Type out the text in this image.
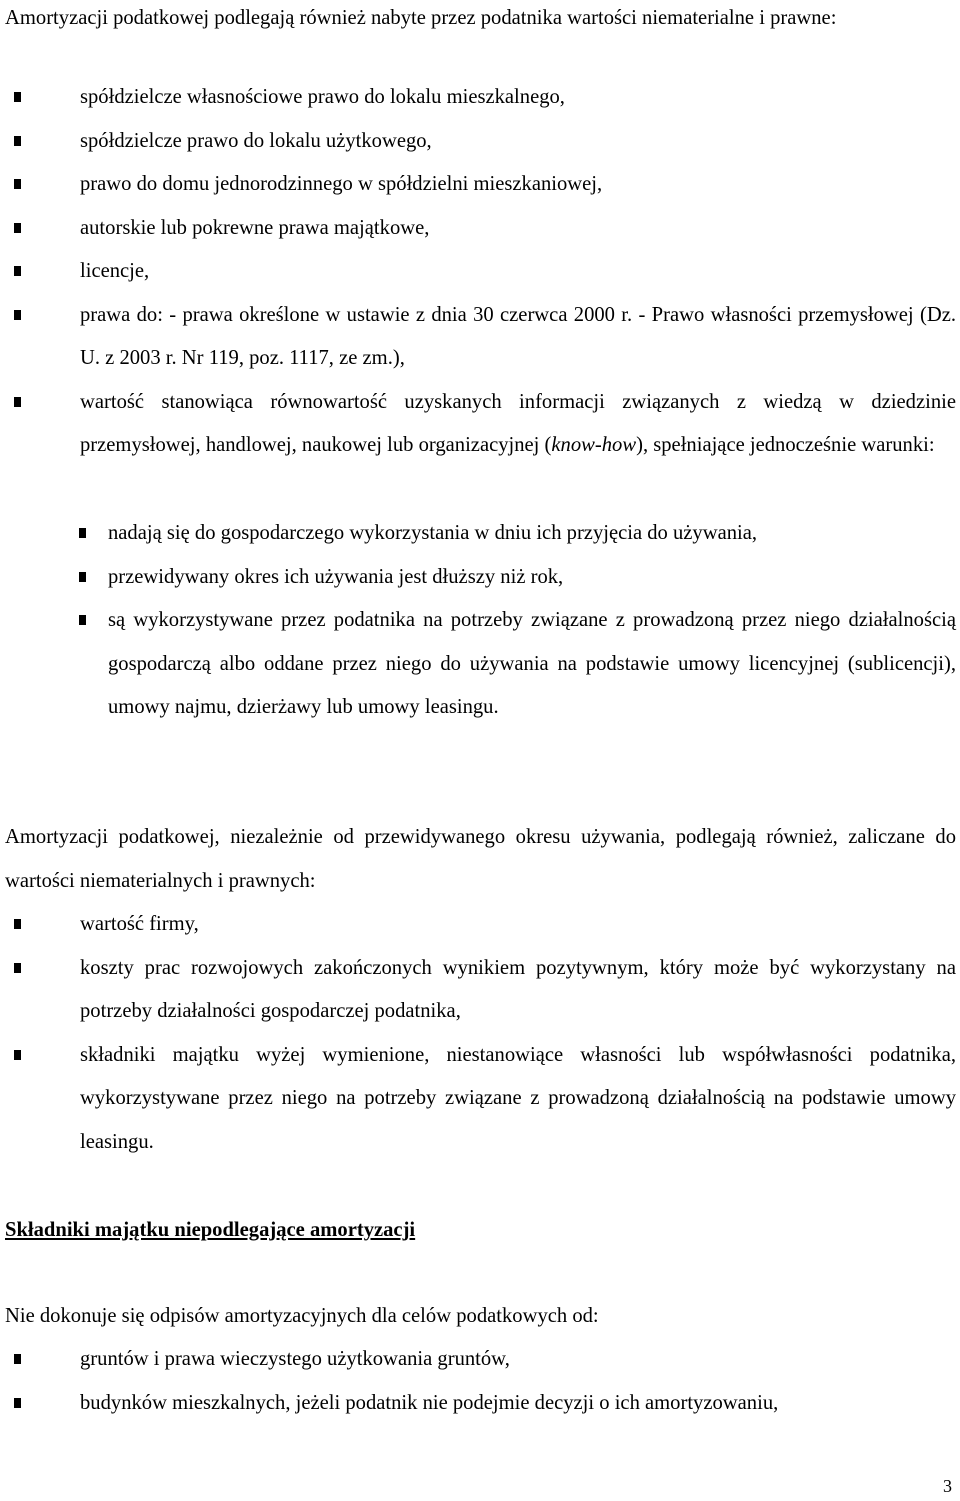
Amortyzacji podatkowej podlegają również nabyte przez podatnika wartości niematerialne i prawne:

spółdzielcze własnościowe prawo do lokalu mieszkalnego,
spółdzielcze prawo do lokalu użytkowego,
prawo do domu jednorodzinnego w spółdzielni mieszkaniowej,
autorskie lub pokrewne prawa majątkowe,
licencje,
prawa do: - prawa określone w ustawie z dnia 30 czerwca 2000 r. - Prawo własności przemysłowej (Dz. U. z 2003 r. Nr 119, poz. 1117, ze zm.),
wartość stanowiąca równowartość uzyskanych informacji związanych z wiedzą w dziedzinie przemysłowej, handlowej, naukowej lub organizacyjnej (know-how), spełniające jednocześnie warunki:
nadają się do gospodarczego wykorzystania w dniu ich przyjęcia do używania,
przewidywany okres ich używania jest dłuższy niż rok,
są wykorzystywane przez podatnika na potrzeby związane z prowadzoną przez niego działalnością gospodarczą albo oddane przez niego do używania na podstawie umowy licencyjnej (sublicencji), umowy najmu, dzierżawy lub umowy leasingu.

Amortyzacji podatkowej, niezależnie od przewidywanego okresu używania, podlegają również, zaliczane do wartości niematerialnych i prawnych:

wartość firmy,
koszty prac rozwojowych zakończonych wynikiem pozytywnym, który może być wykorzystany na potrzeby działalności gospodarczej podatnika,
składniki majątku wyżej wymienione, niestanowiące własności lub współwłasności podatnika, wykorzystywane przez niego na potrzeby związane z prowadzoną działalnością na podstawie umowy leasingu.

Składniki majątku niepodlegające amortyzacji

Nie dokonuje się odpisów amortyzacyjnych dla celów podatkowych od:

gruntów i prawa wieczystego użytkowania gruntów,
budynków mieszkalnych, jeżeli podatnik nie podejmie decyzji o ich amortyzowaniu,
3
